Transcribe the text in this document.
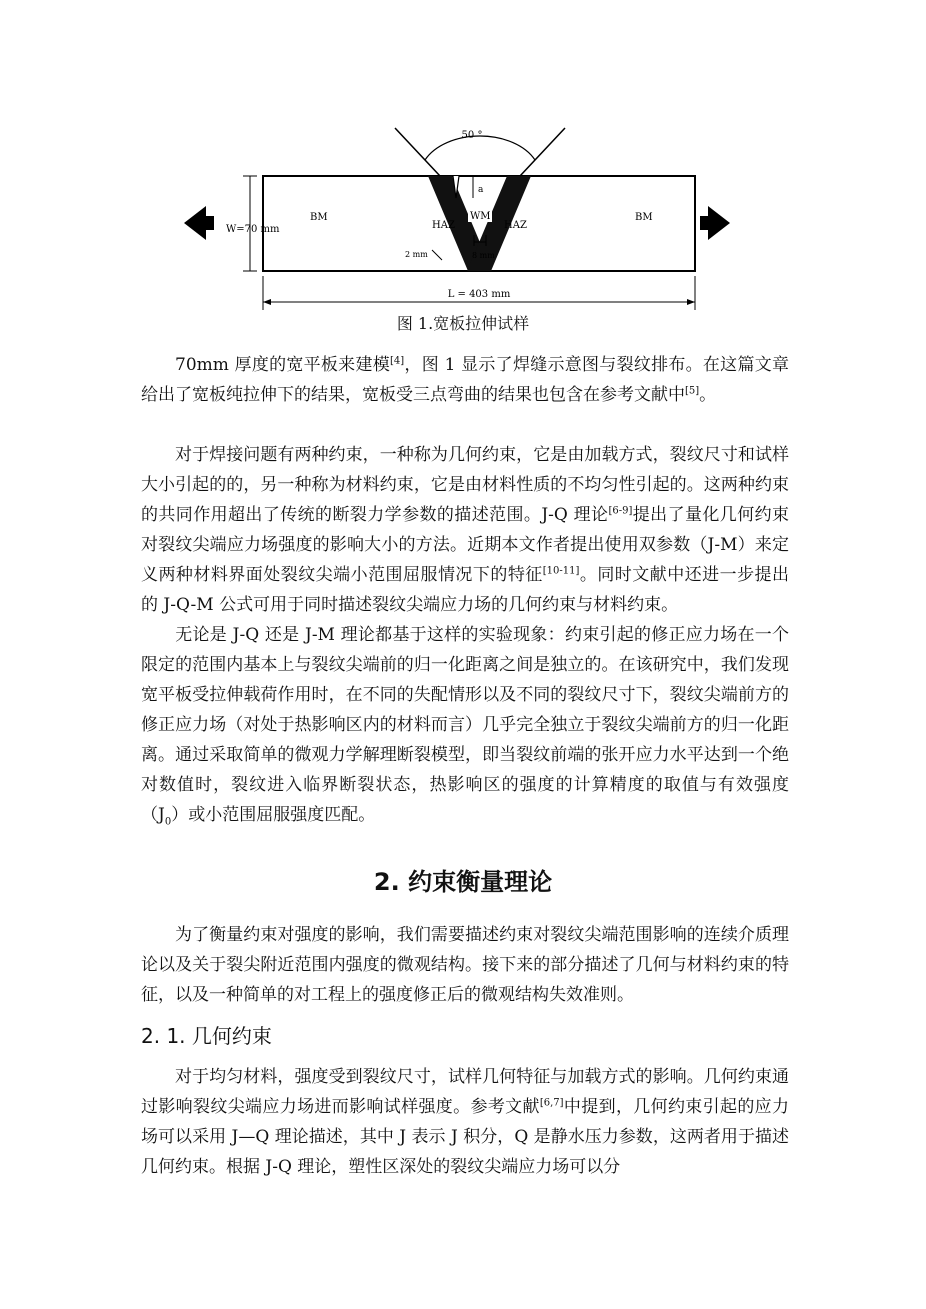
50 °
a
W=70 mm
BM	BM
HAZ	HAZ
WM
8 mm
2 mm
L = 403 mm
图 1.宽板拉伸试样

70mm 厚度的宽平板来建模[4]，图 1 显示了焊缝示意图与裂纹排布。在这篇文章给出了宽板纯拉伸下的结果，宽板受三点弯曲的结果也包含在参考文献中[5]。

对于焊接问题有两种约束，一种称为几何约束，它是由加载方式，裂纹尺寸和试样大小引起的的，另一种称为材料约束，它是由材料性质的不均匀性引起的。这两种约束的共同作用超出了传统的断裂力学参数的描述范围。J-Q 理论[6-9]提出了量化几何约束对裂纹尖端应力场强度的影响大小的方法。近期本文作者提出使用双参数（J-M）来定义两种材料界面处裂纹尖端小范围屈服情况下的特征[10-11]。同时文献中还进一步提出的 J-Q-M 公式可用于同时描述裂纹尖端应力场的几何约束与材料约束。

无论是 J-Q 还是 J-M 理论都基于这样的实验现象：约束引起的修正应力场在一个限定的范围内基本上与裂纹尖端前的归一化距离之间是独立的。在该研究中，我们发现宽平板受拉伸载荷作用时，在不同的失配情形以及不同的裂纹尺寸下，裂纹尖端前方的修正应力场（对处于热影响区内的材料而言）几乎完全独立于裂纹尖端前方的归一化距离。通过采取简单的微观力学解理断裂模型，即当裂纹前端的张开应力水平达到一个绝对数值时，裂纹进入临界断裂状态，热影响区的强度的计算精度的取值与有效强度$(J_0)$或小范围屈服强度匹配。

2. 约束衡量理论

为了衡量约束对强度的影响，我们需要描述约束对裂纹尖端范围影响的连续介质理论以及关于裂尖附近范围内强度的微观结构。接下来的部分描述了几何与材料约束的特征，以及一种简单的对工程上的强度修正后的微观结构失效准则。

2. 1. 几何约束

对于均匀材料，强度受到裂纹尺寸，试样几何特征与加载方式的影响。几何约束通过影响裂纹尖端应力场进而影响试样强度。参考文献[6,7]中提到，几何约束引起的应力场可以采用 J—Q 理论描述，其中 J 表示 J 积分，Q 是静水压力参数，这两者用于描述几何约束。根据 J-Q 理论，塑性区深处的裂纹尖端应力场可以分
